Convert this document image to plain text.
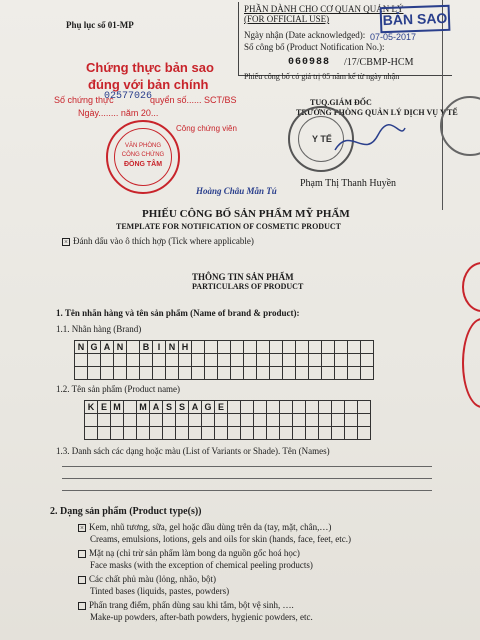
Phụ lục số 01-MP
PHẦN DÀNH CHO CƠ QUAN QUẢN LÝ
(FOR OFFICIAL USE)	BẢN SAO
Ngày nhận (Date acknowledged): 07-05-2017
Số công bố (Product Notification No.):
060988 /17/CBMP-HCM
Phiếu công bố có giá trị 05 năm kể từ ngày nhận
TUQ.GIÁM ĐỐC
TRƯỞNG PHÒNG QUẢN LÝ DỊCH VỤ Y TẾ
Phạm Thị Thanh Huyền
Y TẾ
Chứng thực bản sao
đúng với bản chính
Số chứng thực
02577026
quyển số...... SCT/BS
Ngày........ năm 20...
Công chứng viên
VĂN PHÒNG
CÔNG CHỨNG
ĐỒNG TÂM
Hoàng Châu Mẫn Tú
PHIẾU CÔNG BỐ SẢN PHẨM MỸ PHẨM
TEMPLATE FOR NOTIFICATION OF COSMETIC PRODUCT
× Đánh dấu vào ô thích hợp (Tick where applicable)
THÔNG TIN SẢN PHẨM
PARTICULARS OF PRODUCT
1. Tên nhãn hàng và tên sản phẩm (Name of brand & product):
1.1. Nhãn hàng (Brand)
N G A N	B I N H
1.2. Tên sản phẩm (Product name)
K E M	M A S S A G E
1.3. Danh sách các dạng hoặc màu (List of Variants or Shade). Tên (Names)
2. Dạng sản phẩm (Product type(s))
× Kem, nhũ tương, sữa, gel hoặc dầu dùng trên da (tay, mặt, chân,…)
Creams, emulsions, lotions, gels and oils for skin (hands, face, feet, etc.)
Mặt nạ (chỉ trừ sản phẩm làm bong da nguồn gốc hoá học)
Face masks (with the exception of chemical peeling products)
Các chất phủ màu (lỏng, nhão, bột)
Tinted bases (liquids, pastes, powders)
Phấn trang điểm, phấn dùng sau khi tắm, bột vệ sinh, ….
Make-up powders, after-bath powders, hygienic powders, etc.
